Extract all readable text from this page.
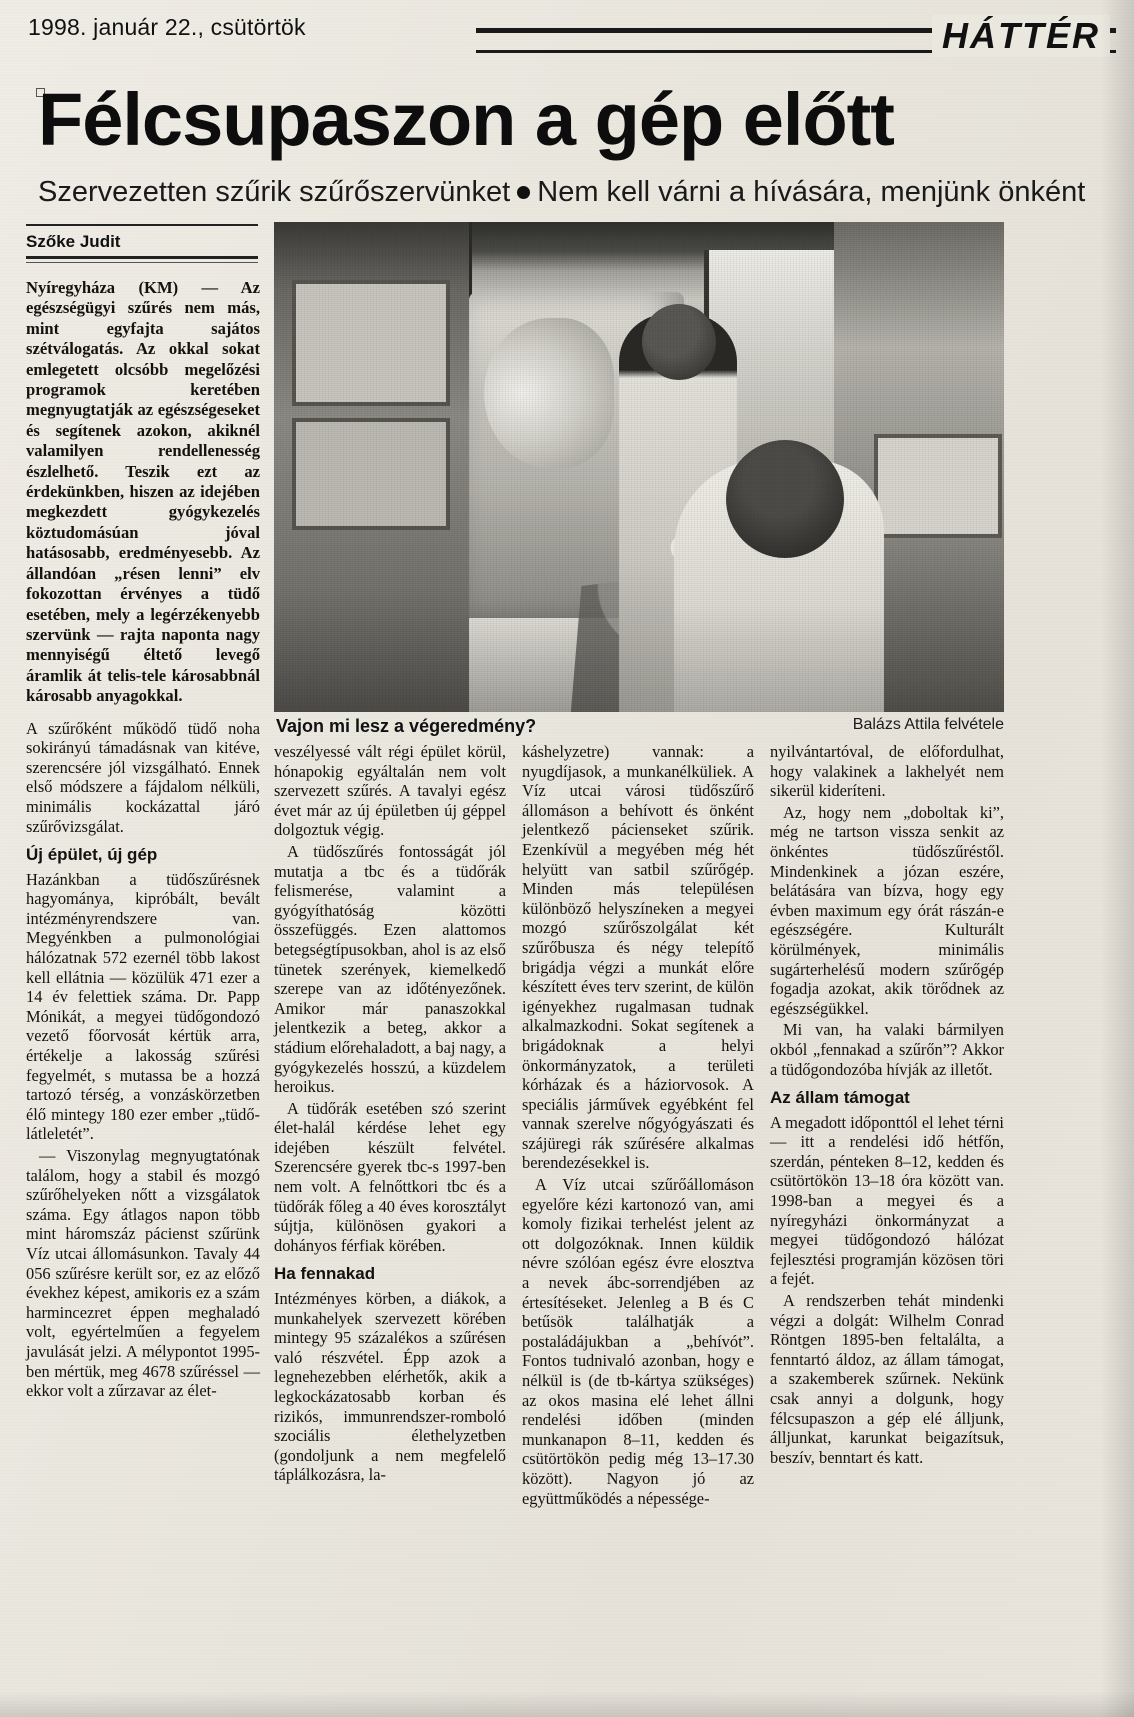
1998. január 22., csütörtök	HÁTTÉR
Félcsupaszon a gép előtt
Szervezetten szűrik szűrőszervünket Nem kell várni a hívására, menjünk önként
Szőke Judit
Balázs Attila felvétele
Vajon mi lesz a végeredmény?

Nyíregyháza (KM) — Az egészségügyi szűrés nem más, mint egyfajta sajátos szétválogatás. Az okkal sokat emlegetett olcsóbb megelőzési programok keretében megnyugtatják az egészségeseket és segítenek azokon, akiknél valamilyen rendellenesség észlelhető. Teszik ezt az érdekünkben, hiszen az idejében megkezdett gyógykezelés köztudomásúan jóval hatásosabb, eredményesebb. Az állandóan „résen lenni” elv fokozottan érvényes a tüdő esetében, mely a legérzékenyebb szervünk — rajta naponta nagy mennyiségű éltető levegő áramlik át telis-tele károsabbnál károsabb anyagokkal.

A szűrőként működő tüdő noha sokirányú támadásnak van kitéve, szerencsére jól vizsgálható. Ennek első módszere a fájdalom nélküli, minimális kockázattal járó szűrővizsgálat.

Új épület, új gép

Hazánkban a tüdőszűrésnek hagyománya, kipróbált, bevált intézményrendszere van. Megyénkben a pulmonológiai hálózatnak 572 ezernél több lakost kell ellátnia — közülük 471 ezer a 14 év felettiek száma. Dr. Papp Mónikát, a megyei tüdőgondozó vezető főorvosát kértük arra, értékelje a lakosság szűrési fegyelmét, s mutassa be a hozzá tartozó térség, a vonzáskörzetben élő mintegy 180 ezer ember „tüdő-látleletét”.

— Viszonylag megnyugtatónak találom, hogy a stabil és mozgó szűrőhelyeken nőtt a vizsgálatok száma. Egy átlagos napon több mint háromszáz pácienst szűrünk Víz utcai állomásunkon. Tavaly 44 056 szűrésre került sor, ez az előző évekhez képest, amikoris ez a szám harmincezret éppen meghaladó volt, egyértelműen a fegyelem javulását jelzi. A mélypontot 1995-ben mértük, meg 4678 szűréssel — ekkor volt a zűrzavar az élet-

veszélyessé vált régi épület körül, hónapokig egyáltalán nem volt szervezett szűrés. A tavalyi egész évet már az új épületben új géppel dolgoztuk végig.

A tüdőszűrés fontosságát jól mutatja a tbc és a tüdőrák felismerése, valamint a gyógyíthatóság közötti összefüggés. Ezen alattomos betegségtípusokban, ahol is az első tünetek szerények, kiemelkedő szerepe van az időtényezőnek. Amikor már panaszokkal jelentkezik a beteg, akkor a stádium előrehaladott, a baj nagy, a gyógykezelés hosszú, a küzdelem heroikus.

A tüdőrák esetében szó szerint élet-halál kérdése lehet egy idejében készült felvétel. Szerencsére gyerek tbc-s 1997-ben nem volt. A felnőttkori tbc és a tüdőrák főleg a 40 éves korosztályt sújtja, különösen gyakori a dohányos férfiak körében.

Ha fennakad

Intézményes körben, a diákok, a munkahelyek szervezett körében mintegy 95 százalékos a szűrésen való részvétel. Épp azok a legnehezebben elérhetők, akik a legkockázatosabb korban és rizikós, immunrendszer-romboló szociális élethelyzetben (gondoljunk a nem megfelelő táplálkozásra, la-

káshelyzetre) vannak: a nyugdíjasok, a munkanélküliek. A Víz utcai városi tüdőszűrő állomáson a behívott és önként jelentkező pácienseket szűrik. Ezenkívül a megyében még hét helyütt van satbil szűrőgép. Minden más településen különböző helyszíneken a megyei mozgó szűrőszolgálat két szűrőbusza és négy telepítő brigádja végzi a munkát előre készített éves terv szerint, de külön igényekhez rugalmasan tudnak alkalmazkodni. Sokat segítenek a brigádoknak a helyi önkormányzatok, a területi kórházak és a háziorvosok. A speciális járművek egyébként fel vannak szerelve nőgyógyászati és szájüregi rák szűrésére alkalmas berendezésekkel is.

A Víz utcai szűrőállomáson egyelőre kézi kartonozó van, ami komoly fizikai terhelést jelent az ott dolgozóknak. Innen küldik névre szólóan egész évre elosztva a nevek ábc-sorrendjében az értesítéseket. Jelenleg a B és C betűsök találhatják a postaládájukban a „behívót”. Fontos tudnivaló azonban, hogy e nélkül is (de tb-kártya szükséges) az okos masina elé lehet állni rendelési időben (minden munkanapon 8–11, kedden és csütörtökön pedig még 13–17.30 között). Nagyon jó az együttműködés a népessége-

nyilvántartóval, de előfordulhat, hogy valakinek a lakhelyét nem sikerül kideríteni.

Az, hogy nem „doboltak ki”, még ne tartson vissza senkit az önkéntes tüdőszűréstől. Mindenkinek a józan eszére, belátására van bízva, hogy egy évben maximum egy órát rászán-e egészségére. Kulturált körülmények, minimális sugárterhelésű modern szűrőgép fogadja azokat, akik törődnek az egészségükkel.

Mi van, ha valaki bármilyen okból „fennakad a szűrőn”? Akkor a tüdőgondozóba hívják az illetőt.

Az állam támogat

A megadott időponttól el lehet térni — itt a rendelési idő hétfőn, szerdán, pénteken 8–12, kedden és csütörtökön 13–18 óra között van. 1998-ban a megyei és a nyíregyházi önkormányzat a megyei tüdőgondozó hálózat fejlesztési programján közösen töri a fejét.

A rendszerben tehát mindenki végzi a dolgát: Wilhelm Conrad Röntgen 1895-ben feltalálta, a fenntartó áldoz, az állam támogat, a szakemberek szűrnek. Nekünk csak annyi a dolgunk, hogy félcsupaszon a gép elé álljunk, álljunkat, karunkat beigazítsuk, beszív, benntart és katt.
